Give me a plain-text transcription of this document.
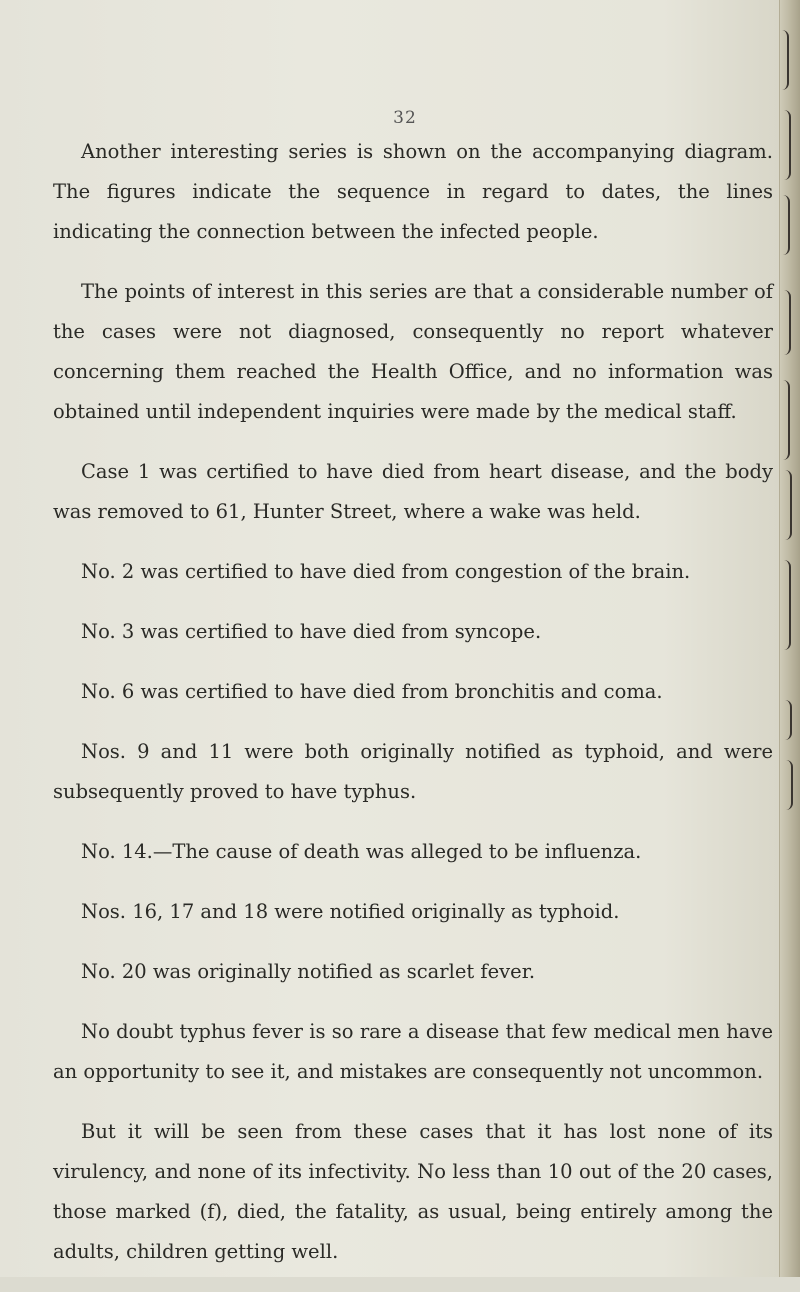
32

Another interesting series is shown on the accompanying diagram. The figures indicate the sequence in regard to dates, the lines indicating the connection between the infected people.

The points of interest in this series are that a considerable number of the cases were not diagnosed, consequently no report whatever concerning them reached the Health Office, and no information was obtained until independent inquiries were made by the medical staff.

Case 1 was certified to have died from heart disease, and the body was removed to 61, Hunter Street, where a wake was held.

No. 2 was certified to have died from congestion of the brain.

No. 3 was certified to have died from syncope.

No. 6 was certified to have died from bronchitis and coma.

Nos. 9 and 11 were both originally notified as typhoid, and were subsequently proved to have typhus.

No. 14.—The cause of death was alleged to be influenza.

Nos. 16, 17 and 18 were notified originally as typhoid.

No. 20 was originally notified as scarlet fever.

No doubt typhus fever is so rare a disease that few medical men have an opportunity to see it, and mistakes are consequently not uncommon.

But it will be seen from these cases that it has lost none of its virulency, and none of its infectivity. No less than 10 out of the 20 cases, those marked (f), died, the fatality, as usual, being entirely among the adults, children getting well.
